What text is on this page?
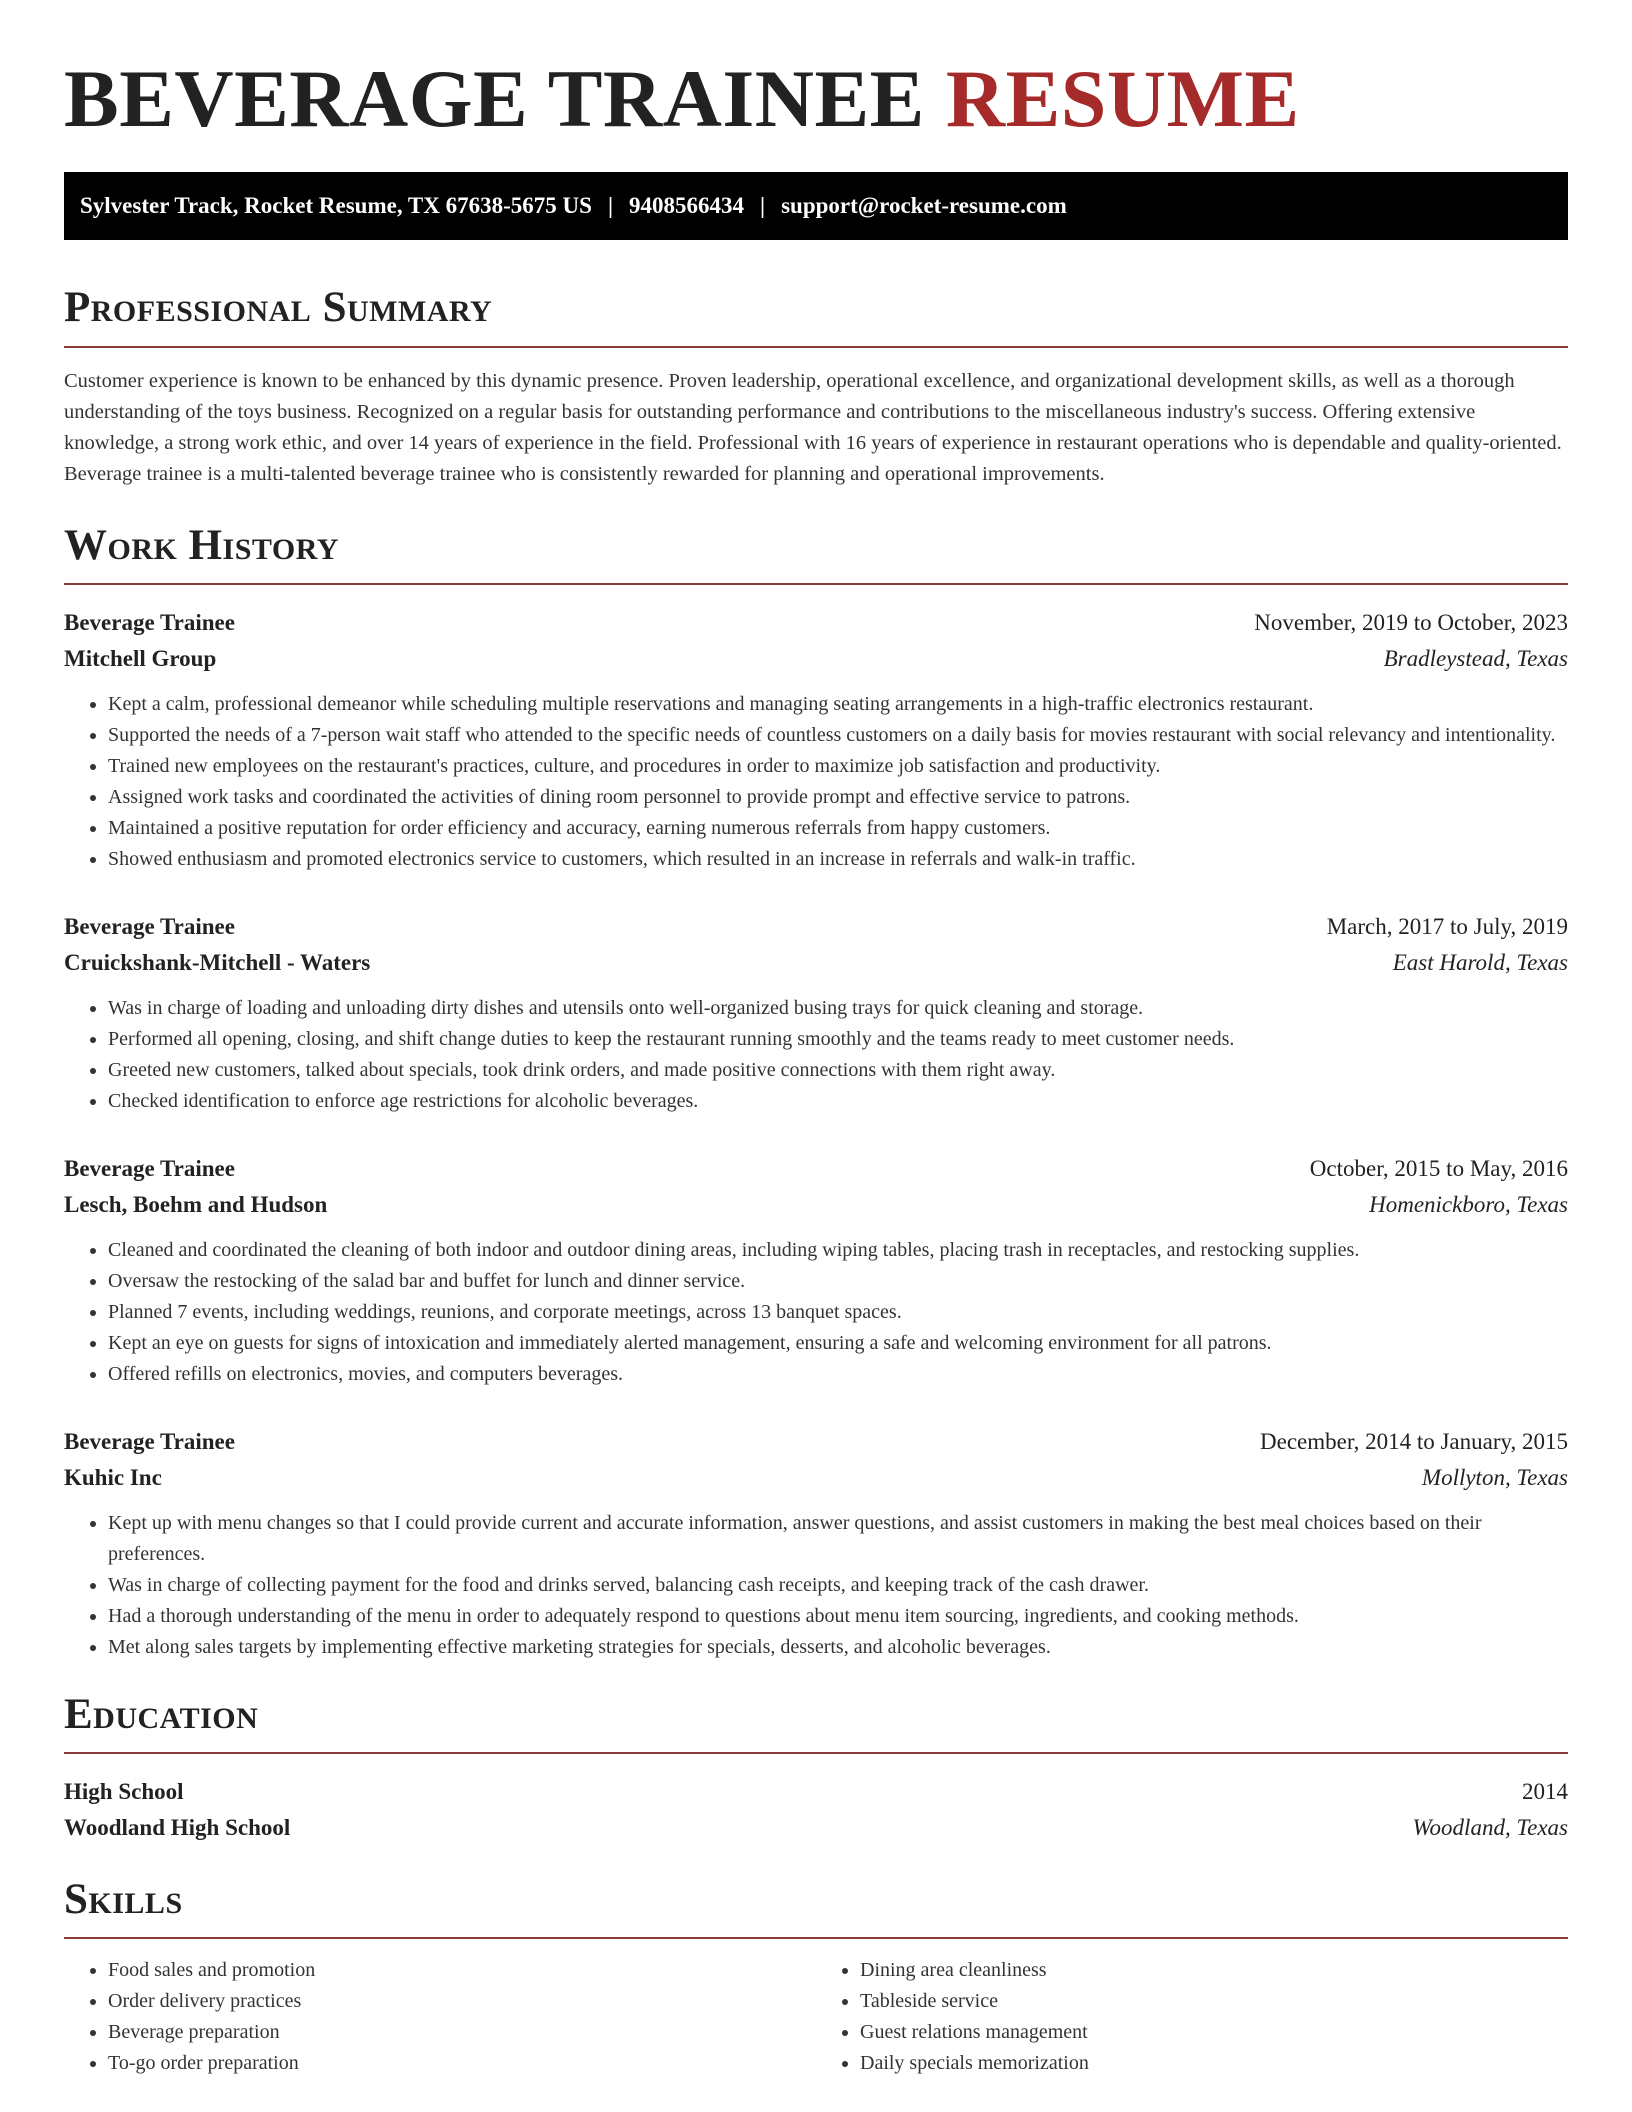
BEVERAGE TRAINEE RESUME
Sylvester Track, Rocket Resume, TX 67638-5675 US | 9408566434 | support@rocket-resume.com
Professional Summary

Customer experience is known to be enhanced by this dynamic presence. Proven leadership, operational excellence, and organizational development skills, as well as a thorough understanding of the toys business. Recognized on a regular basis for outstanding performance and contributions to the miscellaneous industry's success. Offering extensive knowledge, a strong work ethic, and over 14 years of experience in the field. Professional with 16 years of experience in restaurant operations who is dependable and quality-oriented. Beverage trainee is a multi-talented beverage trainee who is consistently rewarded for planning and operational improvements.

Work History
Beverage Trainee	November, 2019 to October, 2023
Mitchell Group	Bradleystead, Texas
• Kept a calm, professional demeanor while scheduling multiple reservations and managing seating arrangements in a high-traffic electronics restaurant.
• Supported the needs of a 7-person wait staff who attended to the specific needs of countless customers on a daily basis for movies restaurant with social relevancy and intentionality.
• Trained new employees on the restaurant's practices, culture, and procedures in order to maximize job satisfaction and productivity.
• Assigned work tasks and coordinated the activities of dining room personnel to provide prompt and effective service to patrons.
• Maintained a positive reputation for order efficiency and accuracy, earning numerous referrals from happy customers.
• Showed enthusiasm and promoted electronics service to customers, which resulted in an increase in referrals and walk-in traffic.
Beverage Trainee	March, 2017 to July, 2019
Cruickshank-Mitchell - Waters	East Harold, Texas
• Was in charge of loading and unloading dirty dishes and utensils onto well-organized busing trays for quick cleaning and storage.
• Performed all opening, closing, and shift change duties to keep the restaurant running smoothly and the teams ready to meet customer needs.
• Greeted new customers, talked about specials, took drink orders, and made positive connections with them right away.
• Checked identification to enforce age restrictions for alcoholic beverages.
Beverage Trainee	October, 2015 to May, 2016
Lesch, Boehm and Hudson	Homenickboro, Texas
• Cleaned and coordinated the cleaning of both indoor and outdoor dining areas, including wiping tables, placing trash in receptacles, and restocking supplies.
• Oversaw the restocking of the salad bar and buffet for lunch and dinner service.
• Planned 7 events, including weddings, reunions, and corporate meetings, across 13 banquet spaces.
• Kept an eye on guests for signs of intoxication and immediately alerted management, ensuring a safe and welcoming environment for all patrons.
• Offered refills on electronics, movies, and computers beverages.
Beverage Trainee	December, 2014 to January, 2015
Kuhic Inc	Mollyton, Texas
• Kept up with menu changes so that I could provide current and accurate information, answer questions, and assist customers in making the best meal choices based on their preferences.
• Was in charge of collecting payment for the food and drinks served, balancing cash receipts, and keeping track of the cash drawer.
• Had a thorough understanding of the menu in order to adequately respond to questions about menu item sourcing, ingredients, and cooking methods.
• Met along sales targets by implementing effective marketing strategies for specials, desserts, and alcoholic beverages.
Education
High School	2014
Woodland High School	Woodland, Texas
Skills
• Food sales and promotion
• Order delivery practices
• Beverage preparation
• To-go order preparation
• Dining area cleanliness
• Tableside service
• Guest relations management
• Daily specials memorization
